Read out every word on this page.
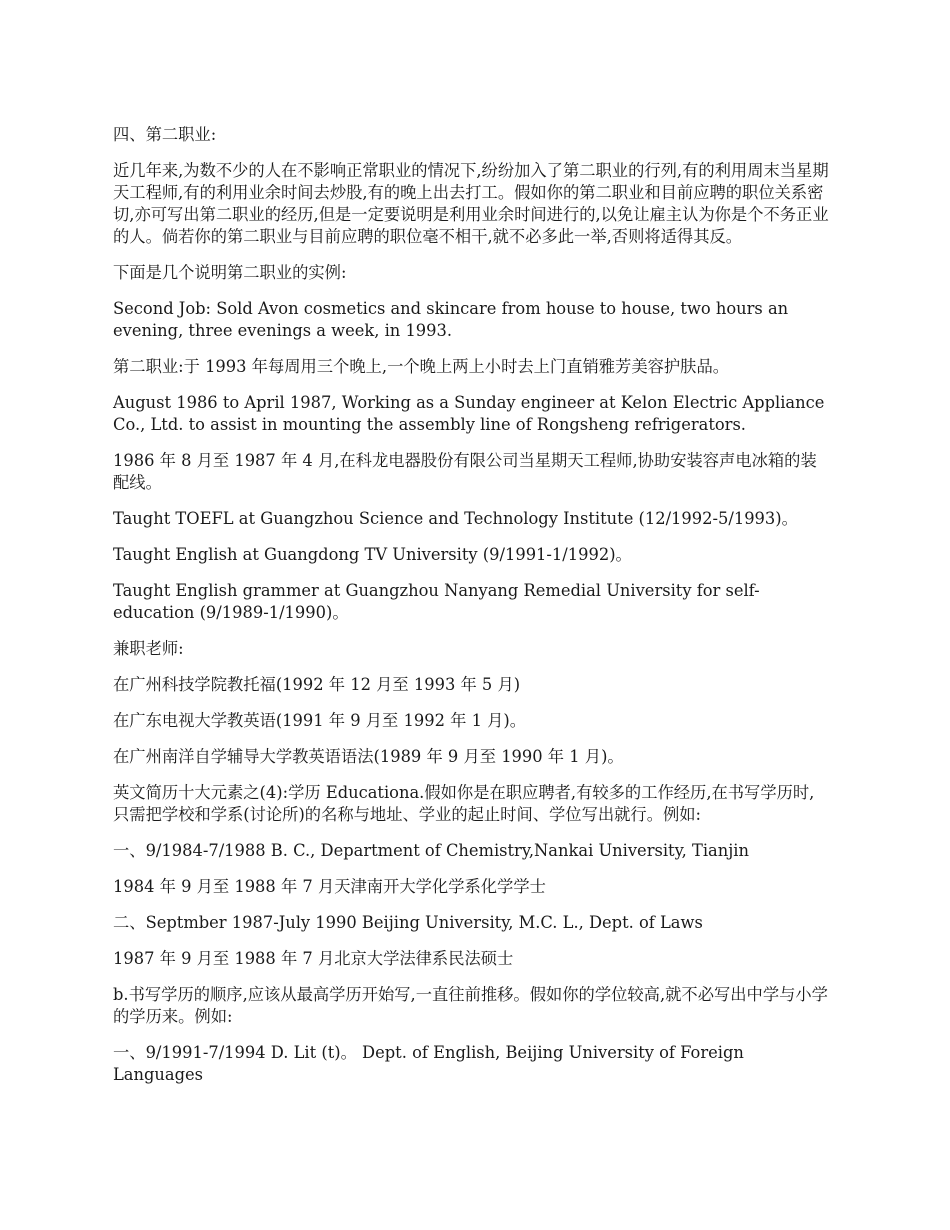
四、第二职业:

近几年来,为数不少的人在不影响正常职业的情况下,纷纷加入了第二职业的行列,有的利用周末当星期天工程师,有的利用业余时间去炒股,有的晚上出去打工。假如你的第二职业和目前应聘的职位关系密切,亦可写出第二职业的经历,但是一定要说明是利用业余时间进行的,以免让雇主认为你是个不务正业的人。倘若你的第二职业与目前应聘的职位毫不相干,就不必多此一举,否则将适得其反。

下面是几个说明第二职业的实例:

Second Job: Sold Avon cosmetics and skincare from house to house, two hours an evening, three evenings a week, in 1993.

第二职业:于 1993 年每周用三个晚上,一个晚上两上小时去上门直销雅芳美容护肤品。

August 1986 to April 1987, Working as a Sunday engineer at Kelon Electric Appliance Co., Ltd. to assist in mounting the assembly line of Rongsheng refrigerators.

1986 年 8 月至 1987 年 4 月,在科龙电器股份有限公司当星期天工程师,协助安装容声电冰箱的装配线。

Taught TOEFL at Guangzhou Science and Technology Institute (12/1992-5/1993)。

Taught English at Guangdong TV University (9/1991-1/1992)。

Taught English grammer at Guangzhou Nanyang Remedial University for self-education (9/1989-1/1990)。

兼职老师:

在广州科技学院教托福(1992 年 12 月至 1993 年 5 月)

在广东电视大学教英语(1991 年 9 月至 1992 年 1 月)。

在广州南洋自学辅导大学教英语语法(1989 年 9 月至 1990 年 1 月)。

英文简历十大元素之(4):学历 Educationa.假如你是在职应聘者,有较多的工作经历,在书写学历时,只需把学校和学系(讨论所)的名称与地址、学业的起止时间、学位写出就行。例如:

一、9/1984-7/1988 B. C., Department of Chemistry,Nankai University, Tianjin

1984 年 9 月至 1988 年 7 月天津南开大学化学系化学学士

二、Septmber 1987-July 1990 Beijing University, M.C. L., Dept. of Laws

1987 年 9 月至 1988 年 7 月北京大学法律系民法硕士

b.书写学历的顺序,应该从最高学历开始写,一直往前推移。假如你的学位较高,就不必写出中学与小学的学历来。例如:

一、9/1991-7/1994 D. Lit (t)。 Dept. of English, Beijing University of Foreign Languages
